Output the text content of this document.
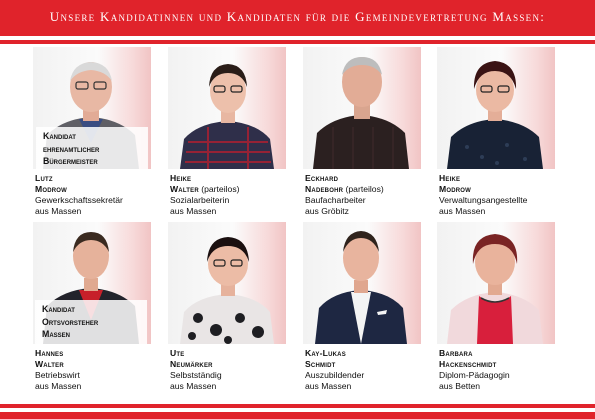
Unsere Kandidatinnen und Kandidaten für die Gemeindevertretung Massen:
Kandidat
ehrenamtlicher
Bürgermeister
Lutz
Modrow
Gewerkschaftssekretär
aus Massen
Heike
Walter (parteilos)
Sozialarbeiterin
aus Massen
Eckhard
Nadebohr (parteilos)
Baufacharbeiter
aus Gröbitz
Heike
Modrow
Verwaltungsangestellte
aus Massen
Kandidat
Ortsvorsteher
Massen
Hannes
Walter
Betriebswirt
aus Massen
Ute
Neumärker
Selbstständig
aus Massen
Kay-Lukas
Schmidt
Auszubildender
aus Massen
Barbara
Hackenschmidt
Diplom-Pädagogin
aus Betten
